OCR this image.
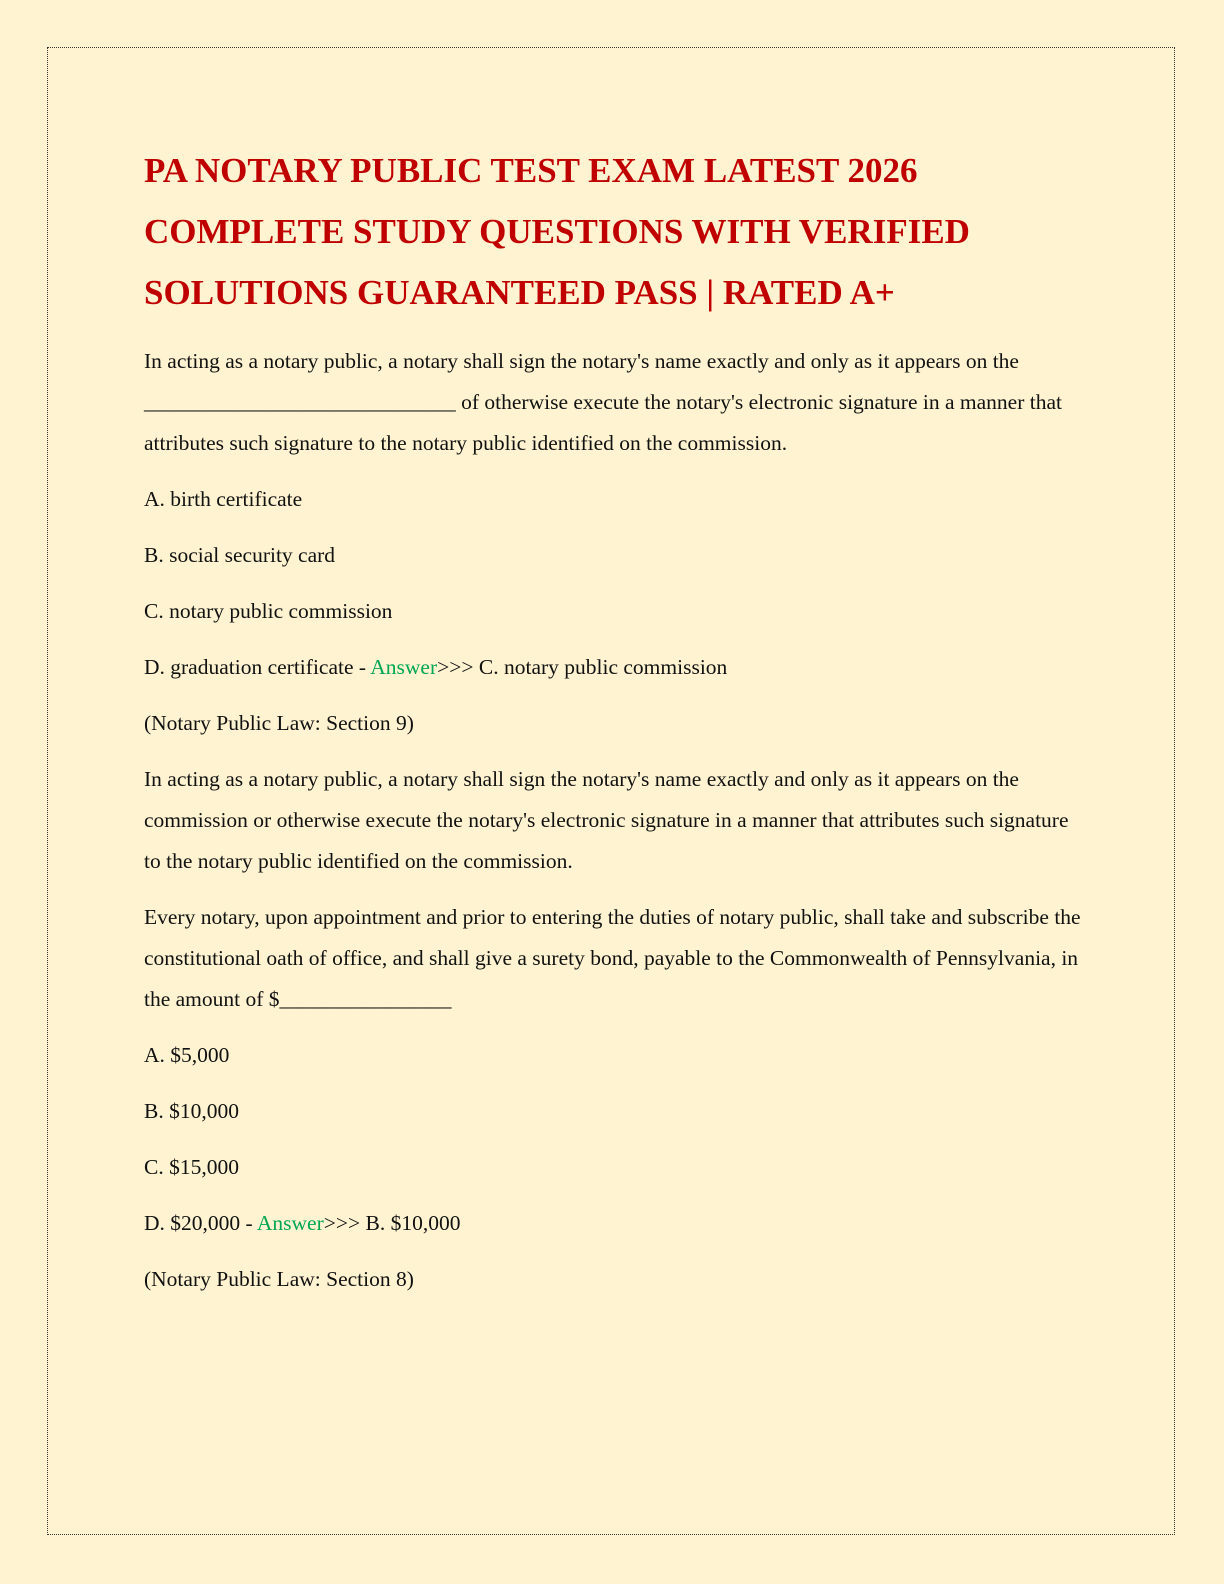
PA NOTARY PUBLIC TEST EXAM LATEST 2026 COMPLETE STUDY QUESTIONS WITH VERIFIED SOLUTIONS GUARANTEED PASS | RATED A+

In acting as a notary public, a notary shall sign the notary's name exactly and only as it appears on the _____________________________ of otherwise execute the notary's electronic signature in a manner that attributes such signature to the notary public identified on the commission.

A. birth certificate

B. social security card

C. notary public commission

D. graduation certificate - Answer>>> C. notary public commission

(Notary Public Law: Section 9)

In acting as a notary public, a notary shall sign the notary's name exactly and only as it appears on the commission or otherwise execute the notary's electronic signature in a manner that attributes such signature to the notary public identified on the commission.

Every notary, upon appointment and prior to entering the duties of notary public, shall take and subscribe the constitutional oath of office, and shall give a surety bond, payable to the Commonwealth of Pennsylvania, in the amount of $________________

A. $5,000

B. $10,000

C. $15,000

D. $20,000 - Answer>>> B. $10,000

(Notary Public Law: Section 8)
